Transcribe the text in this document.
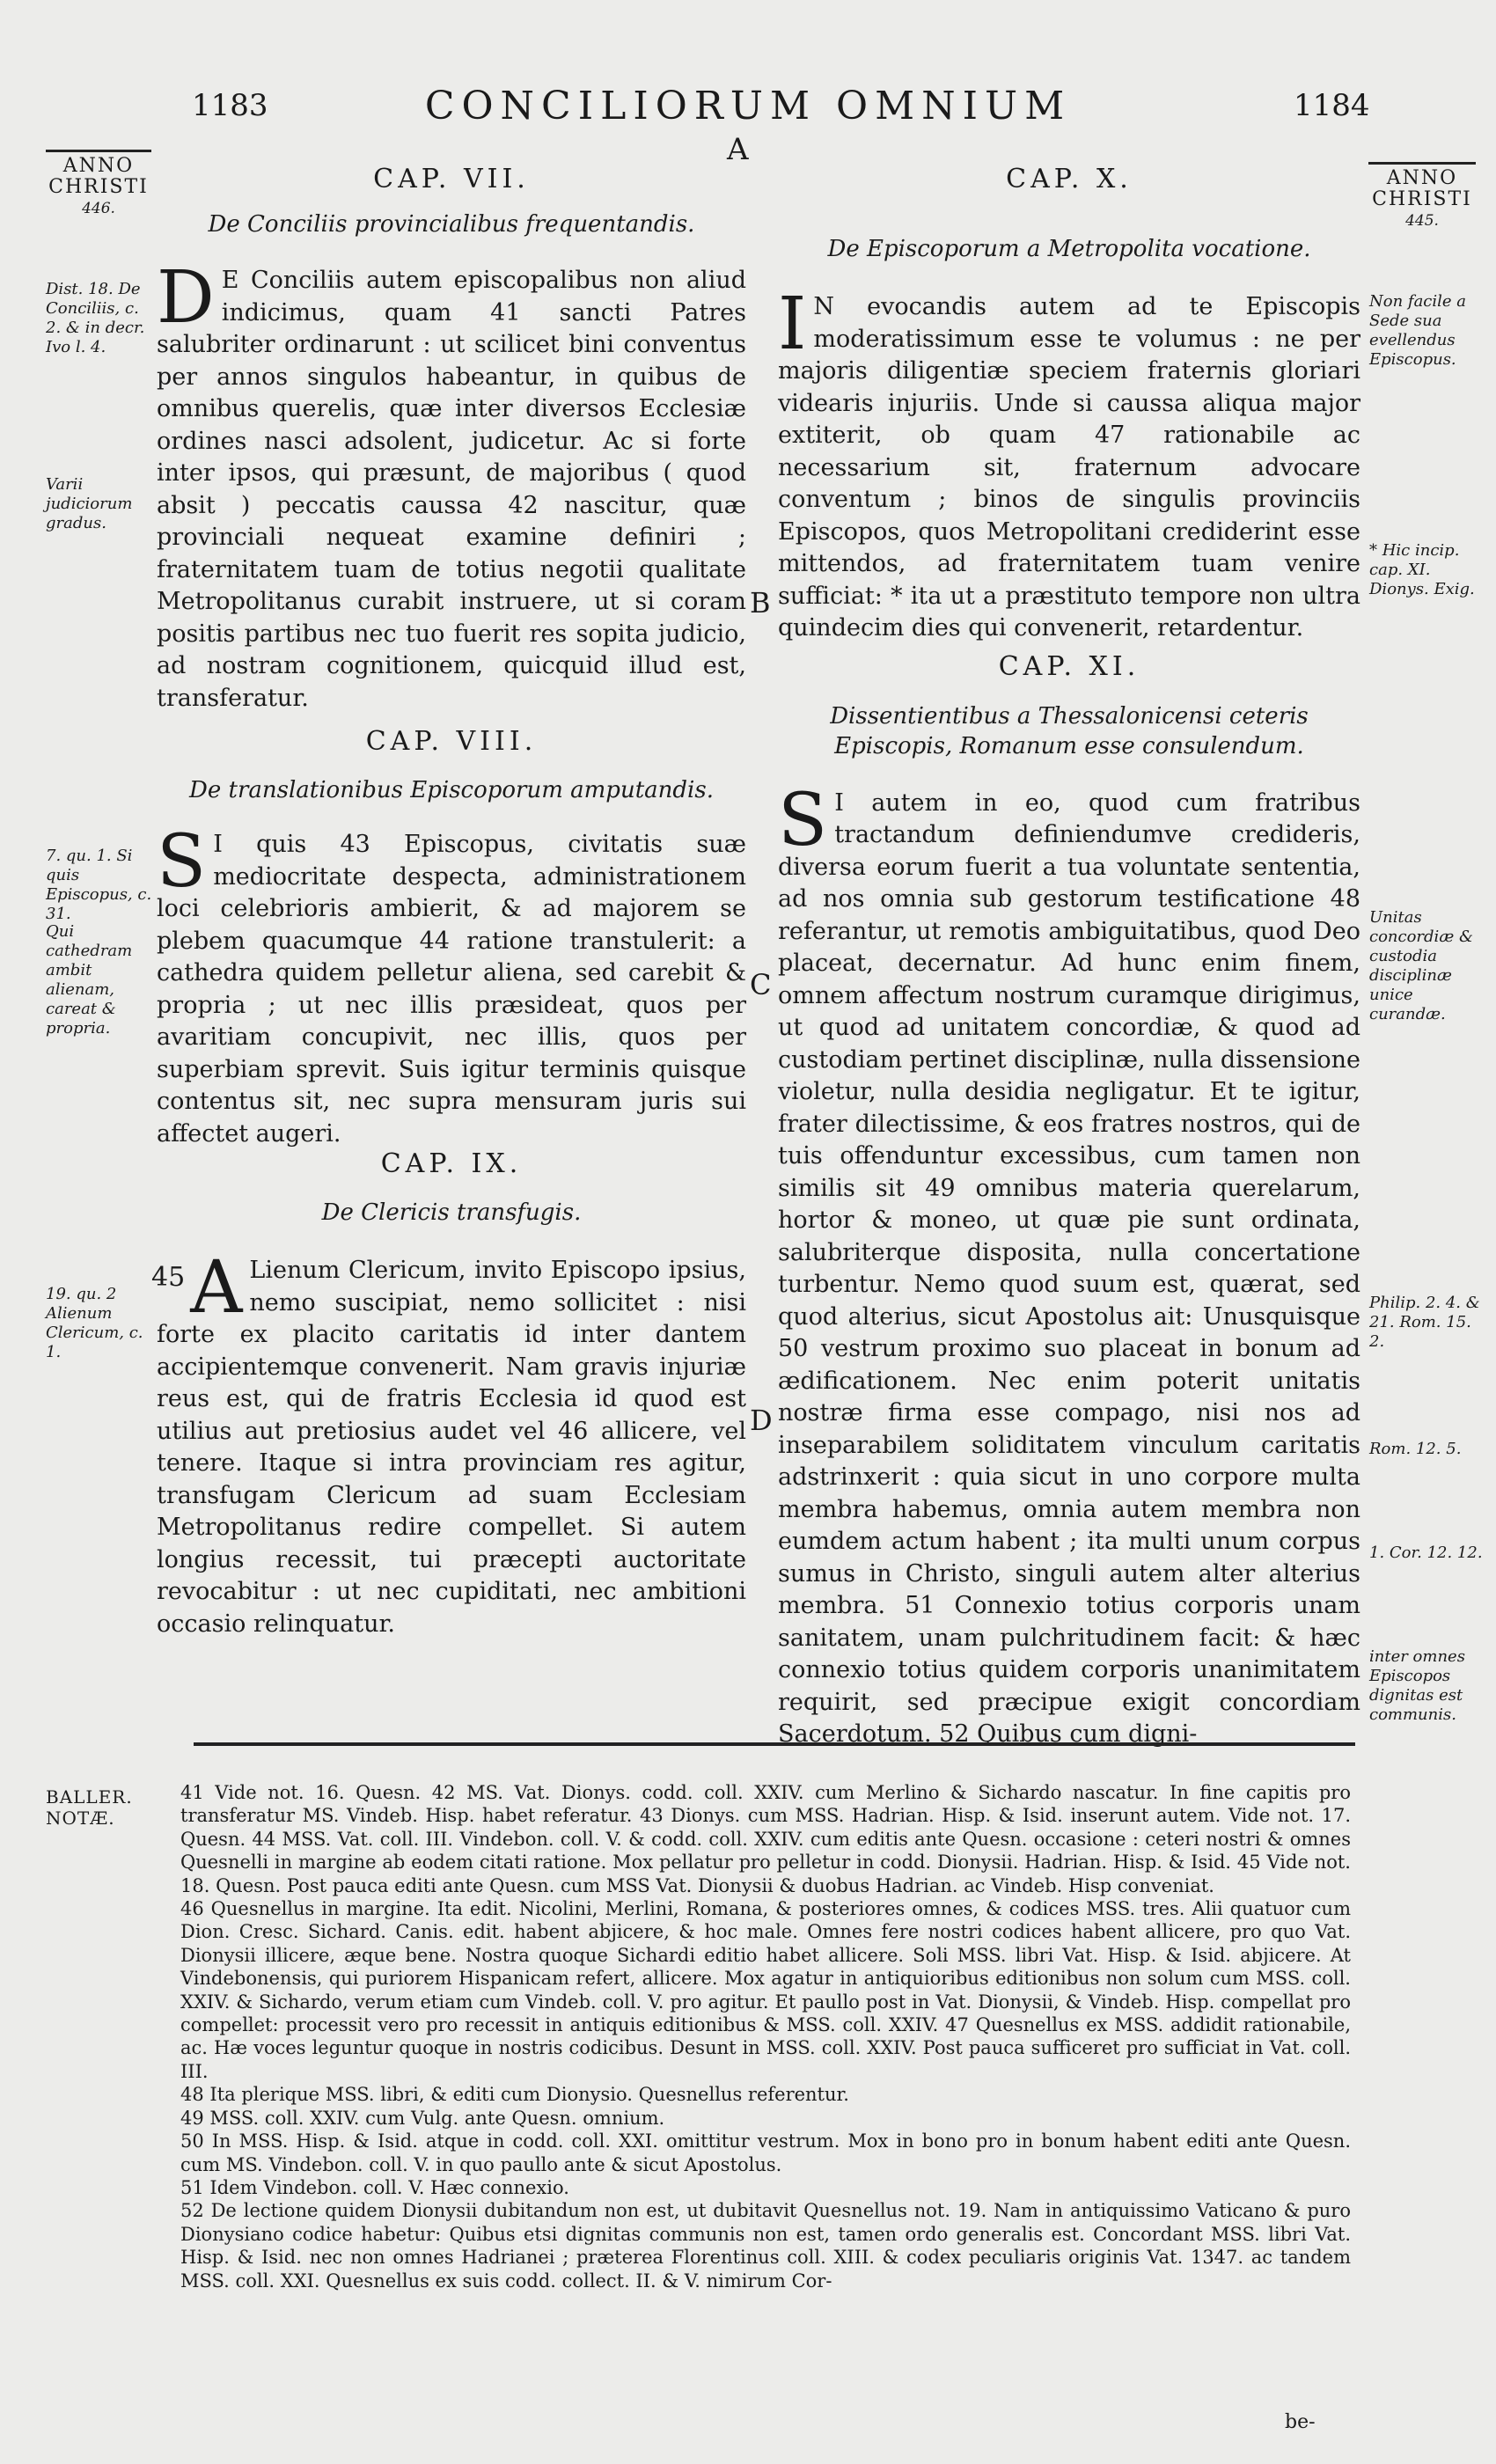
1183	CONCILIORUM OMNIUM	1184
A
ANNO
CHRISTI
446.
ANNO
CHRISTI
445.
CAP. VII.
De Conciliis provincialibus frequentandis.

D E Conciliis autem episcopalibus non aliud indicimus, quam 41 sancti Patres salubriter ordinarunt : ut scilicet bini conventus per annos singulos habeantur, in quibus de omnibus querelis, quæ inter diversos Ecclesiæ ordines nasci adsolent, judicetur. Ac si forte inter ipsos, qui præsunt, de majoribus ( quod absit ) peccatis caussa 42 nascitur, quæ provinciali nequeat examine definiri ; fraternitatem tuam de totius negotii qualitate Metropolitanus curabit instruere, ut si coram positis partibus nec tuo fuerit res sopita judicio, ad nostram cognitionem, quicquid illud est, transferatur.

CAP. VIII.
De translationibus Episcoporum amputandis.

S I quis 43 Episcopus, civitatis suæ mediocritate despecta, administrationem loci celebrioris ambierit, & ad majorem se plebem quacumque 44 ratione transtulerit: a cathedra quidem pelletur aliena, sed carebit & propria ; ut nec illis præsideat, quos per avaritiam concupivit, nec illis, quos per superbiam sprevit. Suis igitur terminis quisque contentus sit, nec supra mensuram juris sui affectet augeri.

CAP. IX.
De Clericis transfugis.

45 A Lienum Clericum, invito Episcopo ipsius, nemo suscipiat, nemo sollicitet : nisi forte ex placito caritatis id inter dantem accipientemque convenerit. Nam gravis injuriæ reus est, qui de fratris Ecclesia id quod est utilius aut pretiosius audet vel 46 allicere, vel tenere. Itaque si intra provinciam res agitur, transfugam Clericum ad suam Ecclesiam Metropolitanus redire compellet. Si autem longius recessit, tui præcepti auctoritate revocabitur : ut nec cupiditati, nec ambitioni occasio relinquatur.

CAP. X.
De Episcoporum a Metropolita vocatione.

I N evocandis autem ad te Episcopis moderatissimum esse te volumus : ne per majoris diligentiæ speciem fraternis gloriari videaris injuriis. Unde si caussa aliqua major extiterit, ob quam 47 rationabile ac necessarium sit, fraternum advocare conventum ; binos de singulis provinciis Episcopos, quos Metropolitani crediderint esse mittendos, ad fraternitatem tuam venire sufficiat: * ita ut a præstituto tempore non ultra quindecim dies qui convenerit, retardentur.

CAP. XI.
Dissentientibus a Thessalonicensi ceteris Episcopis, Romanum esse consulendum.

S I autem in eo, quod cum fratribus tractandum definiendumve credideris, diversa eorum fuerit a tua voluntate sententia, ad nos omnia sub gestorum testificatione 48 referantur, ut remotis ambiguitatibus, quod Deo placeat, decernatur. Ad hunc enim finem, omnem affectum nostrum curamque dirigimus, ut quod ad unitatem concordiæ, & quod ad custodiam pertinet disciplinæ, nulla dissensione violetur, nulla desidia negligatur. Et te igitur, frater dilectissime, & eos fratres nostros, qui de tuis offenduntur excessibus, cum tamen non similis sit 49 omnibus materia querelarum, hortor & moneo, ut quæ pie sunt ordinata, salubriterque disposita, nulla concertatione turbentur. Nemo quod suum est, quærat, sed quod alterius, sicut Apostolus ait: Unusquisque 50 vestrum proximo suo placeat in bonum ad ædificationem. Nec enim poterit unitatis nostræ firma esse compago, nisi nos ad inseparabilem soliditatem vinculum caritatis adstrinxerit : quia sicut in uno corpore multa membra habemus, omnia autem membra non eumdem actum habent ; ita multi unum corpus sumus in Christo, singuli autem alter alterius membra. 51 Connexio totius corporis unam sanitatem, unam pulchritudinem facit: & hæc connexio totius quidem corporis unanimitatem requirit, sed præcipue exigit concordiam Sacerdotum. 52 Quibus cum digni-

B
C
D
Dist. 18. De Conciliis, c. 2. & in decr. Ivo l. 4.
Varii judiciorum gradus.
7. qu. 1. Si quis Episcopus, c. 31.
Qui cathedram ambit alienam, careat & propria.
19. qu. 2 Alienum Clericum, c. 1.
Non facile a Sede sua evellendus Episcopus.
* Hic incip. cap. XI. Dionys. Exig.
Unitas concordiæ & custodia disciplinæ unice curandæ.
Philip. 2. 4. & 21. Rom. 15. 2.
Rom. 12. 5.
1. Cor. 12. 12.
inter omnes Episcopos dignitas est communis.
BALLER.
NOTÆ.

41 Vide not. 16. Quesn. 42 MS. Vat. Dionys. codd. coll. XXIV. cum Merlino & Sichardo nascatur. In fine capitis pro transferatur MS. Vindeb. Hisp. habet referatur. 43 Dionys. cum MSS. Hadrian. Hisp. & Isid. inserunt autem. Vide not. 17. Quesn. 44 MSS. Vat. coll. III. Vindebon. coll. V. & codd. coll. XXIV. cum editis ante Quesn. occasione : ceteri nostri & omnes Quesnelli in margine ab eodem citati ratione. Mox pellatur pro pelletur in codd. Dionysii. Hadrian. Hisp. & Isid. 45 Vide not. 18. Quesn. Post pauca editi ante Quesn. cum MSS Vat. Dionysii & duobus Hadrian. ac Vindeb. Hisp conveniat.

46 Quesnellus in margine. Ita edit. Nicolini, Merlini, Romana, & posteriores omnes, & codices MSS. tres. Alii quatuor cum Dion. Cresc. Sichard. Canis. edit. habent abjicere, & hoc male. Omnes fere nostri codices habent allicere, pro quo Vat. Dionysii illicere, æque bene. Nostra quoque Sichardi editio habet allicere. Soli MSS. libri Vat. Hisp. & Isid. abjicere. At Vindebonensis, qui puriorem Hispanicam refert, allicere. Mox agatur in antiquioribus editionibus non solum cum MSS. coll. XXIV. & Sichardo, verum etiam cum Vindeb. coll. V. pro agitur. Et paullo post in Vat. Dionysii, & Vindeb. Hisp. compellat pro compellet: processit vero pro recessit in antiquis editionibus & MSS. coll. XXIV. 47 Quesnellus ex MSS. addidit rationabile, ac. Hæ voces leguntur quoque in nostris codicibus. Desunt in MSS. coll. XXIV. Post pauca sufficeret pro sufficiat in Vat. coll. III.

48 Ita plerique MSS. libri, & editi cum Dionysio. Quesnellus referentur.

49 MSS. coll. XXIV. cum Vulg. ante Quesn. omnium.

50 In MSS. Hisp. & Isid. atque in codd. coll. XXI. omittitur vestrum. Mox in bono pro in bonum habent editi ante Quesn. cum MS. Vindebon. coll. V. in quo paullo ante & sicut Apostolus.

51 Idem Vindebon. coll. V. Hæc connexio.

52 De lectione quidem Dionysii dubitandum non est, ut dubitavit Quesnellus not. 19. Nam in antiquissimo Vaticano & puro Dionysiano codice habetur: Quibus etsi dignitas communis non est, tamen ordo generalis est. Concordant MSS. libri Vat. Hisp. & Isid. nec non omnes Hadrianei ; præterea Florentinus coll. XIII. & codex peculiaris originis Vat. 1347. ac tandem MSS. coll. XXI. Quesnellus ex suis codd. collect. II. & V. nimirum Cor-

be-
